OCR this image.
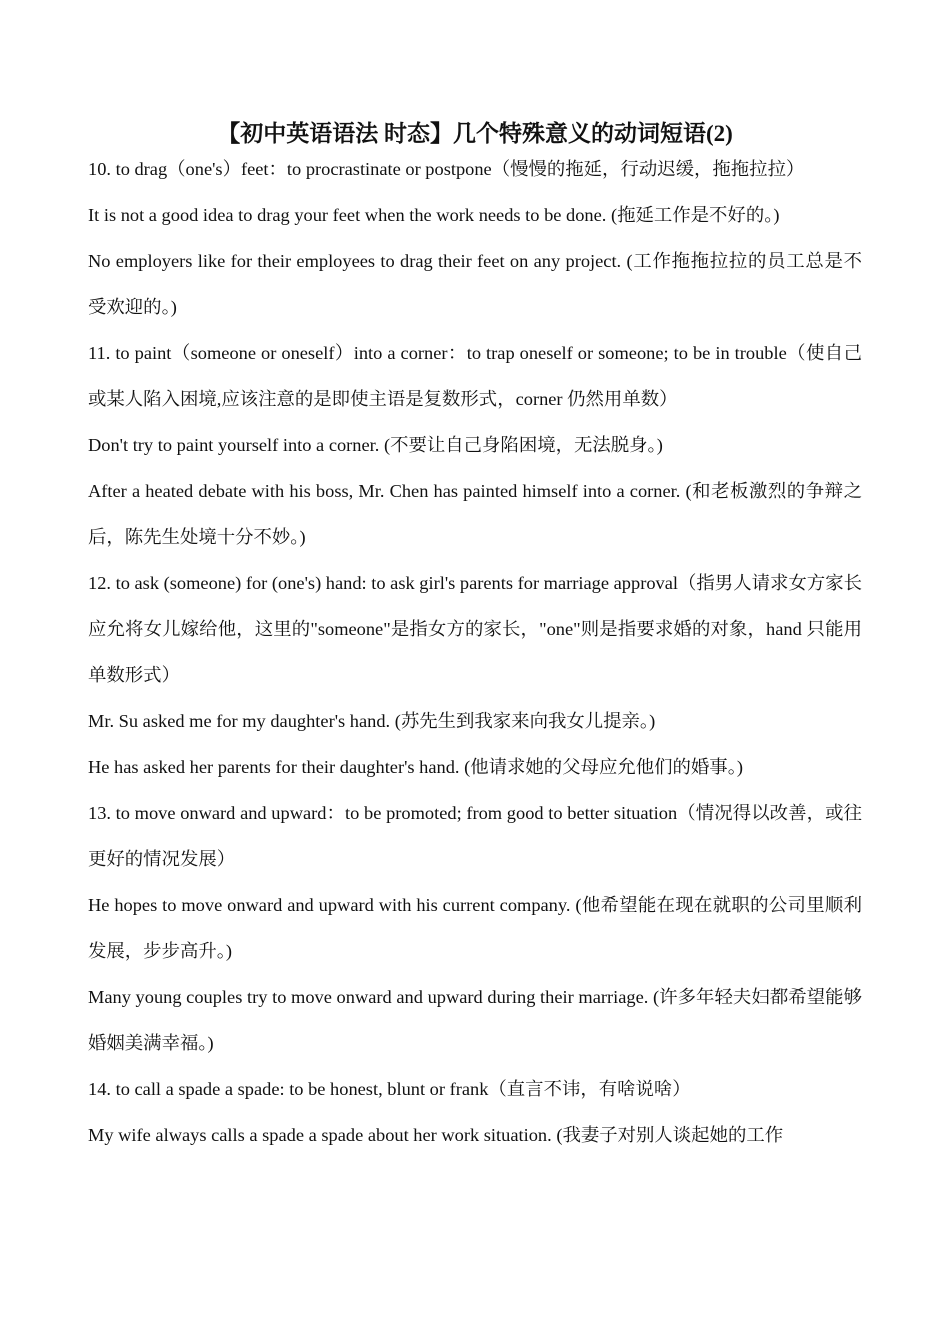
【初中英语语法 时态】几个特殊意义的动词短语(2)

10. to drag（one's）feet：to procrastinate or postpone（慢慢的拖延，行动迟缓，拖拖拉拉）

It is not a good idea to drag your feet when the work needs to be done. (拖延工作是不好的。)

No employers like for their employees to drag their feet on any project. (工作拖拖拉拉的员工总是不受欢迎的。)

11. to paint（someone or oneself）into a corner：to trap oneself or someone; to be in trouble（使自己或某人陷入困境,应该注意的是即使主语是复数形式，corner 仍然用单数）

Don't try to paint yourself into a corner. (不要让自己身陷困境，无法脱身。)

After a heated debate with his boss, Mr. Chen has painted himself into a corner. (和老板激烈的争辩之后，陈先生处境十分不妙。)

12. to ask (someone) for (one's) hand: to ask girl's parents for marriage approval（指男人请求女方家长应允将女儿嫁给他，这里的"someone"是指女方的家长，"one"则是指要求婚的对象，hand 只能用单数形式）

Mr. Su asked me for my daughter's hand. (苏先生到我家来向我女儿提亲。)

He has asked her parents for their daughter's hand. (他请求她的父母应允他们的婚事。)

13. to move onward and upward：to be promoted; from good to better situation（情况得以改善，或往更好的情况发展）

He hopes to move onward and upward with his current company. (他希望能在现在就职的公司里顺利发展，步步高升。)

Many young couples try to move onward and upward during their marriage. (许多年轻夫妇都希望能够婚姻美满幸福。)

14. to call a spade a spade: to be honest, blunt or frank（直言不讳，有啥说啥）

My wife always calls a spade a spade about her work situation. (我妻子对别人谈起她的工作
